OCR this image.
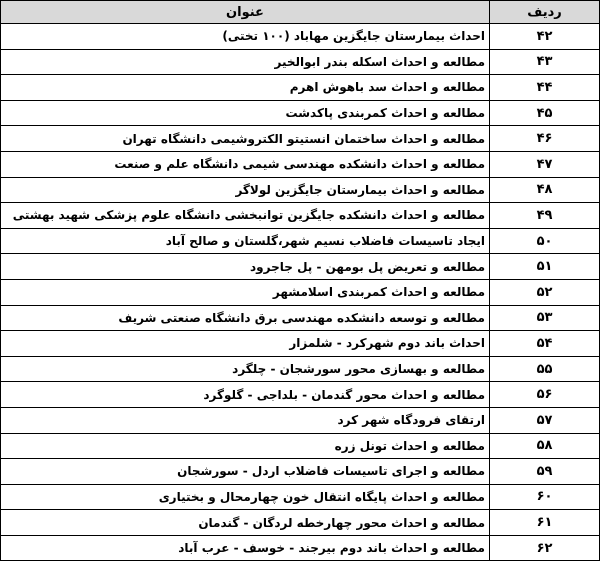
ردیف	عنوان
۴۲	احداث بیمارستان جایگزین مهاباد (۱۰۰ تختی)
۴۳	مطالعه و احداث اسکله بندر ابوالخیر
۴۴	مطالعه و احداث سد باهوش اهرم
۴۵	مطالعه و احداث کمربندی پاکدشت
۴۶	مطالعه و احداث ساختمان انستیتو الکتروشیمی دانشگاه تهران
۴۷	مطالعه و احداث دانشکده مهندسی شیمی دانشگاه علم و صنعت
۴۸	مطالعه و احداث بیمارستان جایگزین لولاگر
۴۹	مطالعه و احداث دانشکده جایگزین توانبخشی دانشگاه علوم پزشکی شهید بهشتی
۵۰	ایجاد تاسیسات فاضلاب نسیم شهر،گلستان و صالح آباد
۵۱	مطالعه و تعریض پل بومهن - پل جاجرود
۵۲	مطالعه و احداث کمربندی اسلامشهر
۵۳	مطالعه و توسعه دانشکده مهندسی برق دانشگاه صنعتی شریف
۵۴	احداث باند دوم شهرکرد - شلمزار
۵۵	مطالعه و بهسازی محور سورشجان - چلگرد
۵۶	مطالعه و احداث محور گندمان - بلداجی - گلوگرد
۵۷	ارتقای فرودگاه شهر کرد
۵۸	مطالعه و احداث تونل زره
۵۹	مطالعه و اجرای تاسیسات فاضلاب اردل - سورشجان
۶۰	مطالعه و احداث پایگاه انتقال خون چهارمحال و بختیاری
۶۱	مطالعه و احداث محور چهارخطه لردگان - گندمان
۶۲	مطالعه و احداث باند دوم بیرجند - خوسف - عرب آباد
